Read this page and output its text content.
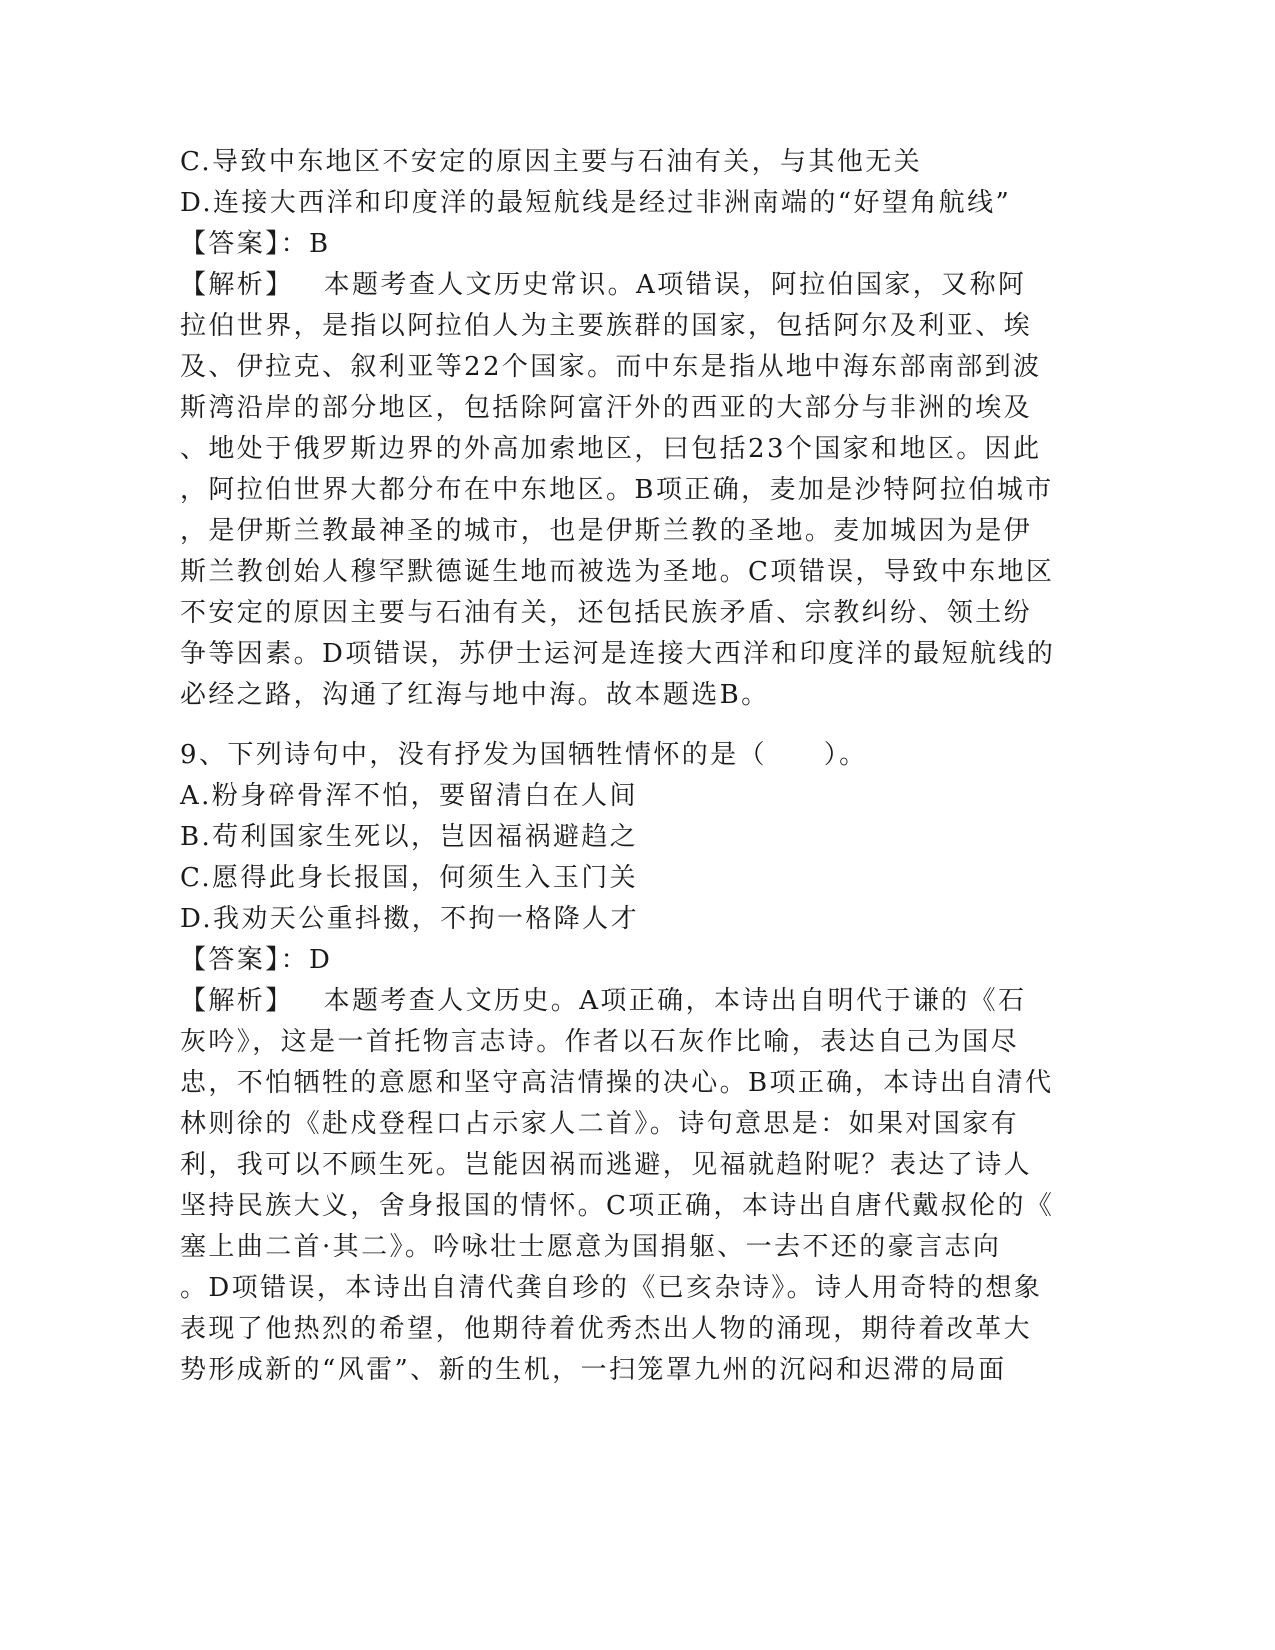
C.导致中东地区不安定的原因主要与石油有关，与其他无关
D.连接大西洋和印度洋的最短航线是经过非洲南端的“好望角航线”
【答案】：B
【解析】 本题考查人文历史常识。A项错误，阿拉伯国家，又称阿
拉伯世界，是指以阿拉伯人为主要族群的国家，包括阿尔及利亚、埃
及、伊拉克、叙利亚等22个国家。而中东是指从地中海东部南部到波
斯湾沿岸的部分地区，包括除阿富汗外的西亚的大部分与非洲的埃及
、地处于俄罗斯边界的外高加索地区，曰包括23个国家和地区。因此
，阿拉伯世界大都分布在中东地区。B项正确，麦加是沙特阿拉伯城市
，是伊斯兰教最神圣的城市，也是伊斯兰教的圣地。麦加城因为是伊
斯兰教创始人穆罕默德诞生地而被选为圣地。C项错误，导致中东地区
不安定的原因主要与石油有关，还包括民族矛盾、宗教纠纷、领土纷
争等因素。D项错误，苏伊士运河是连接大西洋和印度洋的最短航线的
必经之路，沟通了红海与地中海。故本题选B。
9、下列诗句中，没有抒发为国牺牲情怀的是（　　）。
A.粉身碎骨浑不怕，要留清白在人间
B.苟利国家生死以，岂因福祸避趋之
C.愿得此身长报国，何须生入玉门关
D.我劝天公重抖擞，不拘一格降人才
【答案】：D
【解析】 本题考查人文历史。A项正确，本诗出自明代于谦的《石
灰吟》，这是一首托物言志诗。作者以石灰作比喻，表达自己为国尽
忠，不怕牺牲的意愿和坚守高洁情操的决心。B项正确，本诗出自清代
林则徐的《赴戍登程口占示家人二首》。诗句意思是：如果对国家有
利，我可以不顾生死。岂能因祸而逃避，见福就趋附呢？表达了诗人
坚持民族大义，舍身报国的情怀。C项正确，本诗出自唐代戴叔伦的《
塞上曲二首·其二》。吟咏壮士愿意为国捐躯、一去不还的豪言志向
。D项错误，本诗出自清代龚自珍的《已亥杂诗》。诗人用奇特的想象
表现了他热烈的希望，他期待着优秀杰出人物的涌现，期待着改革大
势形成新的“风雷”、新的生机，一扫笼罩九州的沉闷和迟滞的局面
